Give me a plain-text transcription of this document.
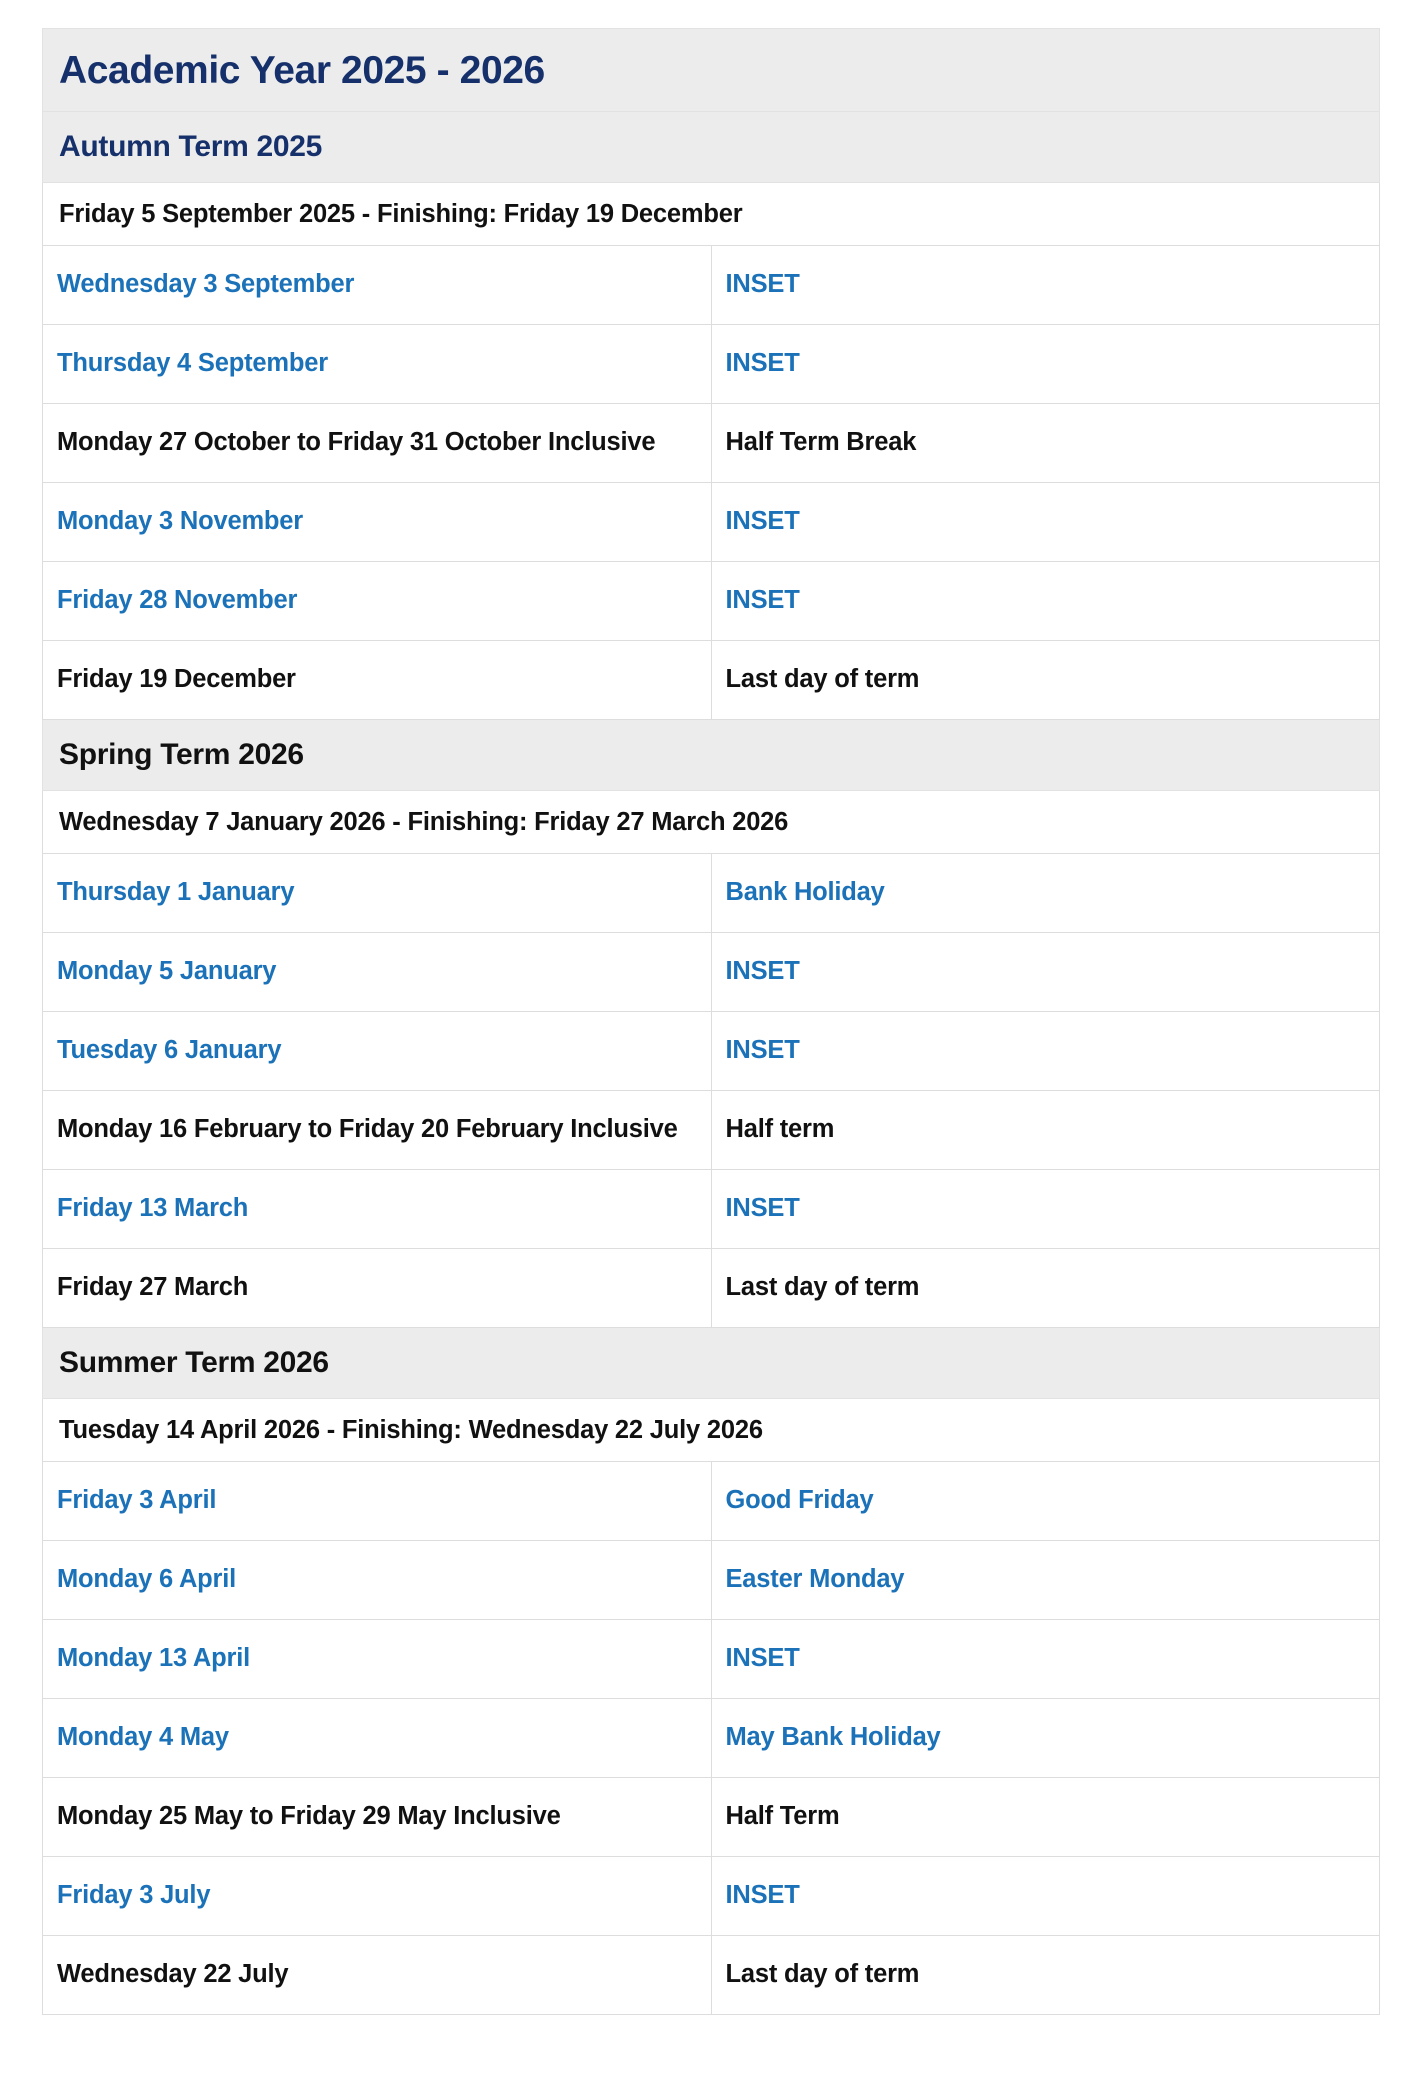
Academic Year 2025 - 2026	
Autumn Term 2025	
Friday 5 September 2025 - Finishing: Friday 19 December	

Wednesday 3 September	INSET

Thursday 4 September	INSET

Monday 27 October to Friday 31 October Inclusive	Half Term Break

Monday 3 November	INSET

Friday 28 November	INSET

Friday 19 December	Last day of term

Spring Term 2026	
Wednesday 7 January 2026 - Finishing: Friday 27 March 2026	

Thursday 1 January	Bank Holiday

Monday 5 January	INSET

Tuesday 6 January	INSET

Monday 16 February to Friday 20 February Inclusive	Half term

Friday 13 March	INSET

Friday 27 March	Last day of term

Summer Term 2026	
Tuesday 14 April 2026 - Finishing: Wednesday 22 July 2026	

Friday 3 April	Good Friday

Monday 6 April	Easter Monday

Monday 13 April	INSET

Monday 4 May	May Bank Holiday

Monday 25 May to Friday 29 May Inclusive	Half Term

Friday 3 July	INSET

Wednesday 22 July	Last day of term
